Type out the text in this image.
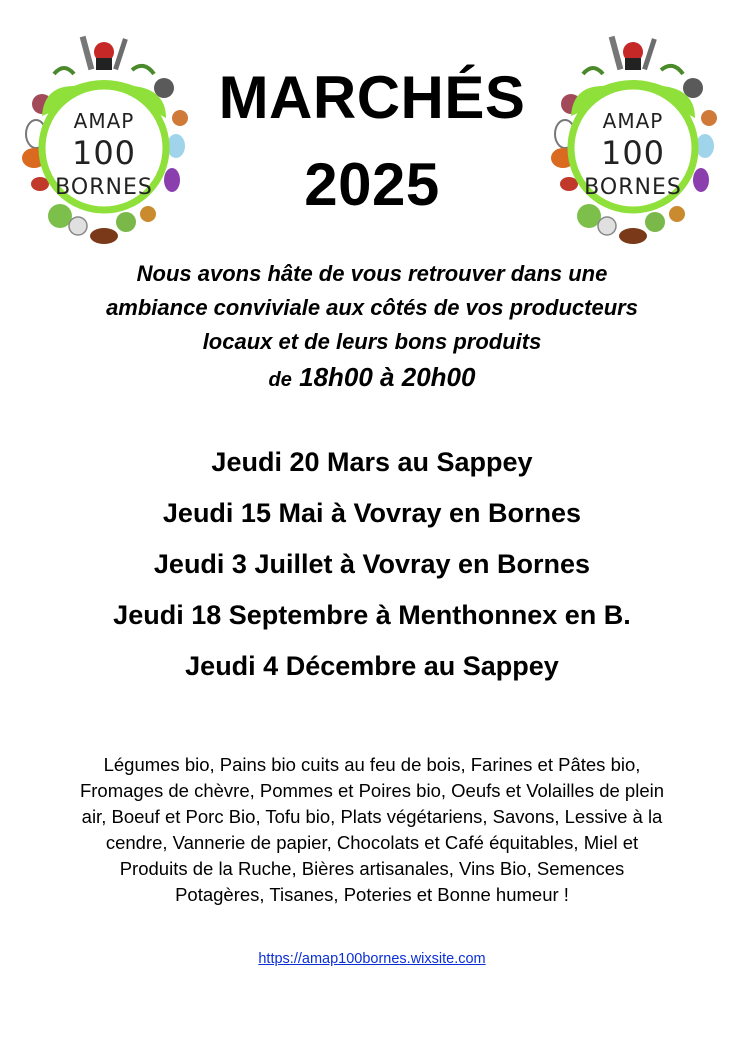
AMAP
100
BORNES
AMAP
100
BORNES
MARCHÉS
2025
Nous avons hâte de vous retrouver dans une
ambiance conviviale aux côtés de vos producteurs
locaux et de leurs bons produits
de 18h00 à 20h00
Jeudi 20 Mars au Sappey
Jeudi 15 Mai à Vovray en Bornes
Jeudi 3 Juillet à Vovray en Bornes
Jeudi 18 Septembre à Menthonnex en B.
Jeudi 4 Décembre au Sappey
Légumes bio, Pains bio cuits au feu de bois, Farines et Pâtes bio,
Fromages de chèvre, Pommes et Poires bio, Oeufs et Volailles de plein
air, Boeuf et Porc Bio, Tofu bio, Plats végétariens, Savons, Lessive à la
cendre, Vannerie de papier, Chocolats et Café équitables, Miel et
Produits de la Ruche, Bières artisanales, Vins Bio, Semences
Potagères, Tisanes, Poteries et Bonne humeur !
https://amap100bornes.wixsite.com
